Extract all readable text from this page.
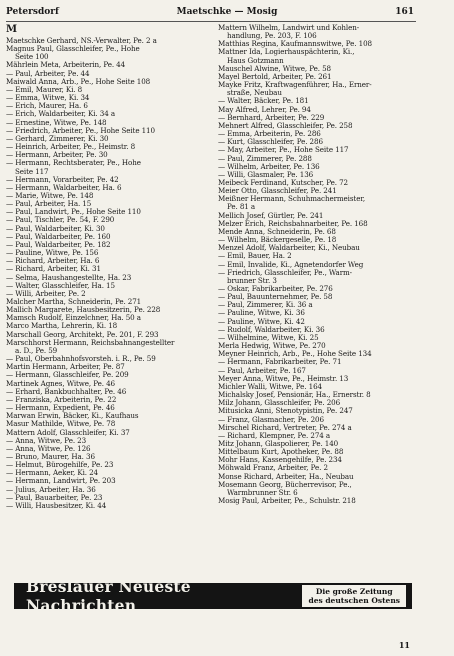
Petersdorf	Maetschke — Mosig	161
M
Maetschke Gerhard, NS.-Verwalter, Pe. 2 a
Magnus Paul, Glasschleifer, Pe., Hohe
Seite 100
Mährlein Meta, Arbeiterin, Pe. 44
— Paul, Arbeiter, Pe. 44
Maiwald Anna, Arb., Pe., Hohe Seite 108
— Emil, Maurer, Ki. 8
— Emma, Witwe, Ki. 34
— Erich, Maurer, Ha. 6
— Erich, Waldarbeiter, Ki. 34 a
— Ernestine, Witwe, Pe. 148
— Friedrich, Arbeiter, Pe., Hohe Seite 110
— Gerhard, Zimmerer, Ki. 30
— Heinrich, Arbeiter, Pe., Heimstr. 8
— Hermann, Arbeiter, Pe. 30
— Hermann, Rechtsberater, Pe., Hohe
Seite 117
— Hermann, Vorarbeiter, Pe. 42
— Hermann, Waldarbeiter, Ha. 6
— Marie, Witwe, Pe. 148
— Paul, Arbeiter, Ha. 15
— Paul, Landwirt, Pe., Hohe Seite 110
— Paul, Tischler, Pe. 54, F. 290
— Paul, Waldarbeiter, Ki. 30
— Paul, Waldarbeiter, Pe. 160
— Paul, Waldarbeiter, Pe. 182
— Pauline, Witwe, Pe. 156
— Richard, Arbeiter, Ha. 6
— Richard, Arbeiter, Ki. 31
— Selma, Haushangestellte, Ha. 23
— Walter, Glasschleifer, Ha. 15
— Willi, Arbeiter, Pe. 2
Malcher Martha, Schneiderin, Pe. 271
Mallich Margarete, Hausbesitzerin, Pe. 228
Mamsch Rudolf, Einzelchner, Ha. 50 a
Marco Martha, Lehrerin, Ki. 18
Marschall Georg, Architekt, Pe. 201, F. 293
Marschhorst Hermann, Reichsbahnangestellter
a. D., Pe. 59
— Paul, Oberbahnhofsvorsteh. i. R., Pe. 59
Martin Hermann, Arbeiter, Pe. 87
— Hermann, Glasschleifer, Pe. 209
Martinek Agnes, Witwe, Pe. 46
— Erhard, Bankbuchhalter, Pe. 46
— Franziska, Arbeiterin, Pe. 22
— Hermann, Expedient, Pe. 46
Marwan Erwin, Bäcker, Ki., Kaufhaus
Masur Mathilde, Witwe, Pe. 78
Mattern Adolf, Glasschleifer, Ki. 37
— Anna, Witwe, Pe. 23
— Anna, Witwe, Pe. 126
— Bruno, Maurer, Ha. 36
— Helmut, Bürogehilfe, Pe. 23
— Hermann, Aeker, Ki. 24
— Hermann, Landwirt, Pe. 203
— Julius, Arbeiter, Ha. 36
— Paul, Bauarbeiter, Pe. 23
— Willi, Hausbesitzer, Ki. 44
Mattern Wilhelm, Landwirt und Kohlen-
handlung, Pe. 203, F. 106
Matthias Regina, Kaufmannswitwe, Pe. 108
Mattner Ida, Logierhauspächterin, Ki.,
Haus Gotzmann
Mauschel Alwine, Witwe, Pe. 58
Mayel Bertold, Arbeiter, Pe. 261
Mayke Fritz, Kraftwagenführer, Ha., Erner-
straße, Neubau
— Walter, Bäcker, Pe. 181
May Alfred, Lehrer, Pe. 94
— Bernhard, Arbeiter, Pe. 229
Mehnert Alfred, Glasschleifer, Pe. 258
— Emma, Arbeiterin, Pe. 286
— Kurt, Glasschleifer, Pe. 286
— May, Arbeiter, Pe., Hohe Seite 117
— Paul, Zimmerer, Pe. 288
— Wilhelm, Arbeiter, Pe. 136
— Willi, Glasmaler, Pe. 136
Meibeck Ferdinand, Kutscher, Pe. 72
Meier Otto, Glasschleifer, Pe. 241
Meißner Hermann, Schuhmachermeister,
Pe. 81 a
Mellich Josef, Gürtler, Pe. 241
Melzer Erich, Reichsbahnarbeiter, Pe. 168
Mende Anna, Schneiderin, Pe. 68
— Wilhelm, Bäckergeselle, Pe. 18
Menzel Adolf, Waldarbeiter, Ki., Neubau
— Emil, Bauer, Ha. 2
— Emil, Invalide, Ki., Agnetendorfer Weg
— Friedrich, Glasschleifer, Pe., Warm-
brunner Str. 3
— Oskar, Fabrikarbeiter, Pe. 276
— Paul, Bauunternehmer, Pe. 58
— Paul, Zimmerer, Ki. 36 a
— Pauline, Witwe, Ki. 36
— Pauline, Witwe, Ki. 42
— Rudolf, Waldarbeiter, Ki. 36
— Wilhelmine, Witwe, Ki. 25
Merla Hedwig, Witwe, Pe. 270
Meyner Heinrich, Arb., Pe., Hohe Seite 134
— Hermann, Fabrikarbeiter, Pe. 71
— Paul, Arbeiter, Pe. 167
Meyer Anna, Witwe, Pe., Heimstr. 13
Michler Walli, Witwe, Pe. 164
Michalsky Josef, Pensionär, Ha., Ernerstr. 8
Milz Johann, Glasschleifer, Pe. 206
Mitusicka Anni, Stenotypistin, Pe. 247
— Franz, Glasmacher, Pe. 206
Mirschel Richard, Vertreter, Pe. 274 a
— Richard, Klempner, Pe. 274 a
Mitz Johann, Glaspolierer, Pe. 140
Mittelbaum Kurt, Apotheker, Pe. 88
Mohr Hans, Kassengehilfe, Pe. 234
Möhwald Franz, Arbeiter, Pe. 2
Monse Richard, Arbeiter, Ha., Neubau
Mosemann Georg, Bücherrevisor, Pe.,
Warmbrunner Str. 6
Mosig Paul, Arbeiter, Pe., Schulstr. 218
Breslauer Neueste Nachrichten
Die große Zeitung
des deutschen Ostens
11
